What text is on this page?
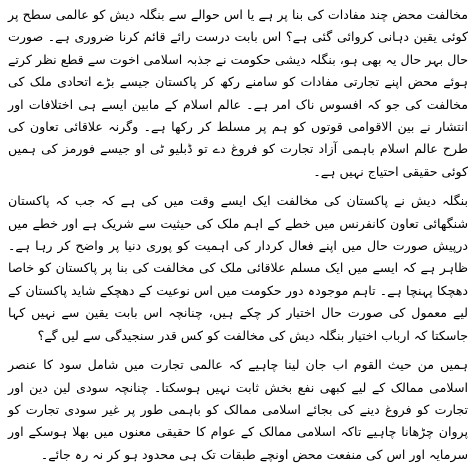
مخالفت محض چند مفادات کی بنا پر ہے یا اس حوالے سے بنگلہ دیش کو عالمی سطح پر کوئی یقین دہانی کروائی گئی ہے؟ اس بابت درست رائے قائم کرنا ضروری ہے۔ صورت حال بہر حال یہ بھی ہو، بنگلہ دیشی حکومت نے جذبہ اسلامی اخوت سے قطع نظر کرتے ہوئے محض اپنے تجارتی مفادات کو سامنے رکھ کر پاکستان جیسے بڑے اتحادی ملک کی مخالفت کی جو کہ افسوس ناک امر ہے۔ عالم اسلام کے مابین ایسے ہی اختلافات اور انتشار نے بین الاقوامی قوتوں کو ہم پر مسلط کر رکھا ہے۔ وگرنہ علاقائی تعاون کی طرح عالم اسلام باہمی آزاد تجارت کو فروغ دے تو ڈبلیو ٹی او جیسے فورمز کی ہمیں کوئی حقیقی احتیاج نہیں ہے۔

بنگلہ دیش نے پاکستان کی مخالفت ایک ایسے وقت میں کی ہے کہ جب کہ پاکستان شنگھائی تعاون کانفرنس میں خطے کے اہم ملک کی حیثیت سے شریک ہے اور خطے میں درپیش صورت حال میں اپنے فعال کردار کی اہمیت کو پوری دنیا پر واضح کر رہا ہے۔ ظاہر ہے کہ ایسے میں ایک مسلم علاقائی ملک کی مخالفت کی بنا پر پاکستان کو خاصا دھچکا پہنچا ہے۔ تاہم موجودہ دور حکومت میں اس نوعیت کے دھچکے شاید پاکستان کے لیے معمول کی صورت حال اختیار کر چکے ہیں، چنانچہ اس بابت یقین سے نہیں کہا جاسکتا کہ ارباب اختیار بنگلہ دیش کی مخالفت کو کس قدر سنجیدگی سے لیں گے؟

ہمیں من حیث القوم اب جان لینا چاہیے کہ عالمی تجارت میں شامل سود کا عنصر اسلامی ممالک کے لیے کبھی نفع بخش ثابت نہیں ہوسکتا۔ چنانچہ سودی لین دین اور تجارت کو فروغ دینے کی بجائے اسلامی ممالک کو باہمی طور پر غیر سودی تجارت کو پروان چڑھانا چاہیے تاکہ اسلامی ممالک کے عوام کا حقیقی معنوں میں بھلا ہوسکے اور سرمایہ اور اس کی منفعت محض اونچے طبقات تک ہی محدود ہو کر نہ رہ جائے۔
